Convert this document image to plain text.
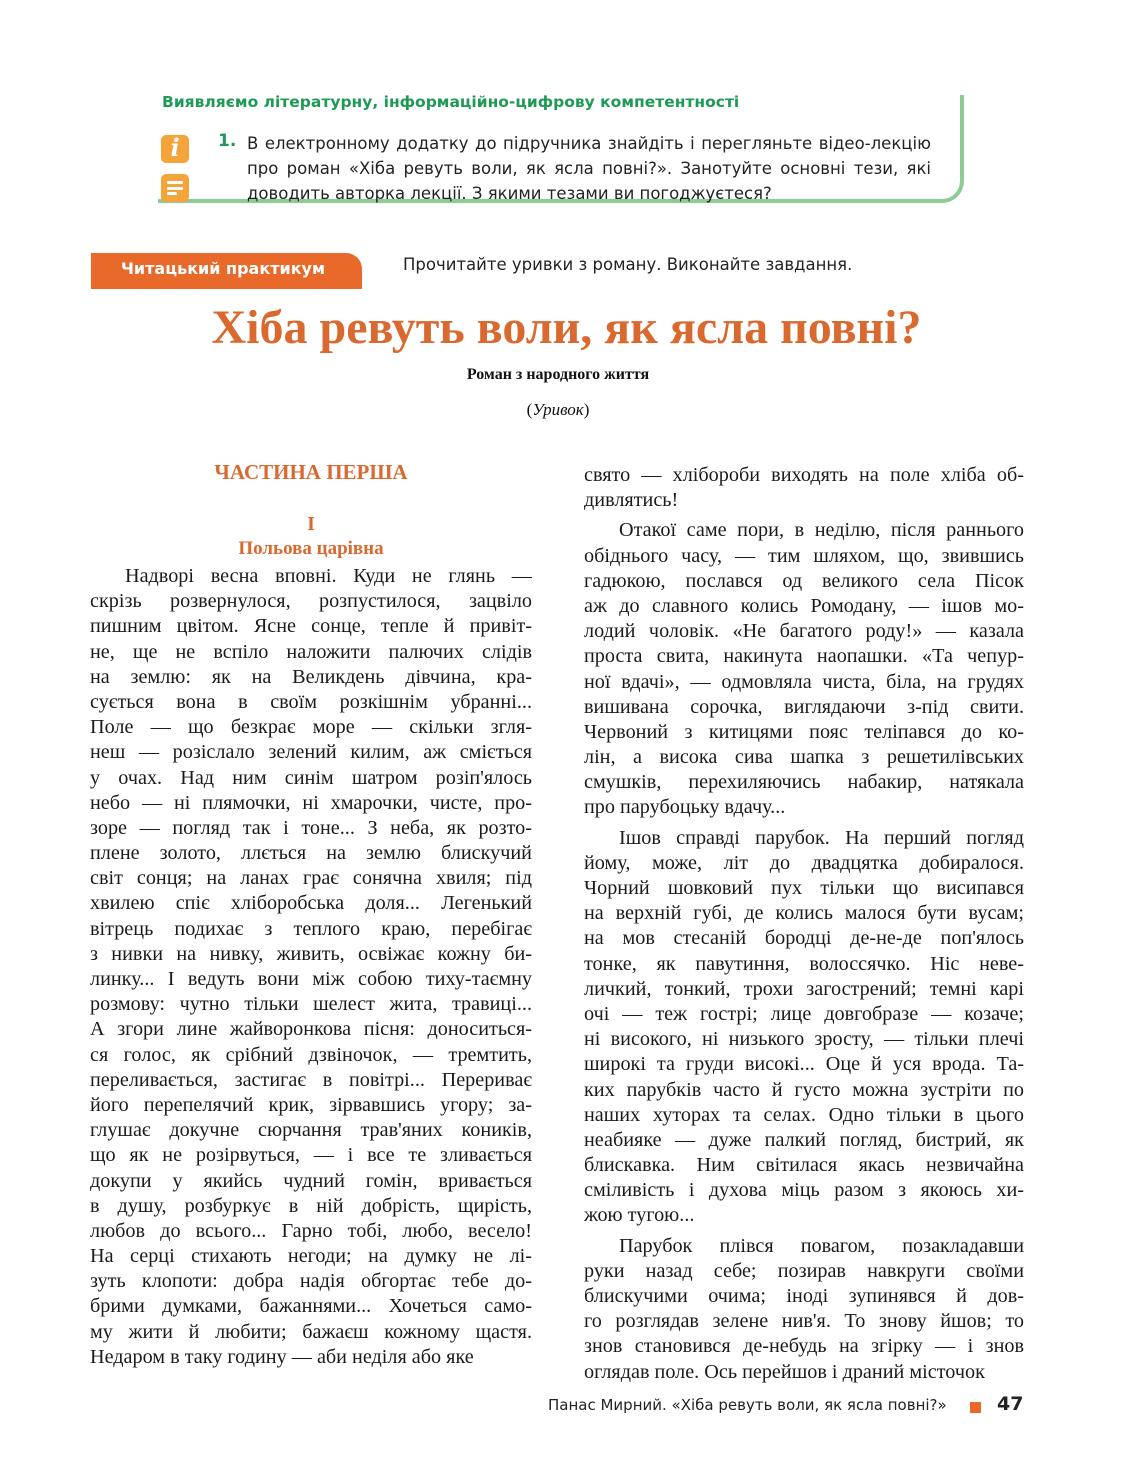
Виявляємо літературну, інформаційно-цифрову компетентності
i	1. В електронному додатку до підручника знайдіть і перегляньте відео-лекцію
про роман «Хіба ревуть воли, як ясла повні?». Занотуйте основні тези, які
доводить авторка лекції. З якими тезами ви погоджуєтеся?
Читацький практикум	Прочитайте уривки з роману. Виконайте завдання.
Хіба ревуть воли, як ясла повні?
Роман з народного життя
(Уривок)
ЧАСТИНА ПЕРША
I
Польова царівна
Надворі весна вповні. Куди не глянь —
скрізь розвернулося, розпустилося, зацвіло
пишним цвітом. Ясне сонце, тепле й привіт-
не, ще не вспіло наложити палючих слідів
на землю: як на Великдень дівчина, кра-
сується вона в своїм розкішнім убранні...
Поле — що безкрає море — скільки згля-
неш — розіслало зелений килим, аж сміється
у очах. Над ним синім шатром розіп'ялось
небо — ні плямочки, ні хмарочки, чисте, про-
зоре — погляд так і тоне... З неба, як розто-
плене золото, ллється на землю блискучий
світ сонця; на ланах грає сонячна хвиля; під
хвилею спіє хліборобська доля... Легенький
вітрець подихає з теплого краю, перебігає
з нивки на нивку, живить, освіжає кожну би-
линку... І ведуть вони між собою тиху-таємну
розмову: чутно тільки шелест жита, травиці...
А згори лине жайворонкова пісня: доноситься-
ся голос, як срібний дзвіночок, — тремтить,
переливається, застигає в повітрі... Перериває
його перепелячий крик, зірвавшись угору; за-
глушає докучне сюрчання трав'яних коників,
що як не розірвуться, — і все те зливається
докупи у якийсь чудний гомін, вривається
в душу, розбуркує в ній добрість, щирість,
любов до всього... Гарно тобі, любо, весело!
На серці стихають негоди; на думку не лі-
зуть клопоти: добра надія обгортає тебе до-
брими думками, бажаннями... Хочеться само-
му жити й любити; бажаєш кожному щастя.
Недаром в таку годину — аби неділя або яке
свято — хлібороби виходять на поле хліба об-
дивлятись!
Отакої саме пори, в неділю, після раннього
обіднього часу, — тим шляхом, що, звившись
гадюкою, послався од великого села Пісок
аж до славного колись Ромодану, — ішов мо-
лодий чоловік. «Не багатого роду!» — казала
проста свита, накинута наопашки. «Та чепур-
ної вдачі», — одмовляла чиста, біла, на грудях
вишивана сорочка, виглядаючи з-під свити.
Червоний з китицями пояс теліпався до ко-
лін, а висока сива шапка з решетилівських
смушків, перехиляючись набакир, натякала
про парубоцьку вдачу...
Ішов справді парубок. На перший погляд
йому, може, літ до двадцятка добиралося.
Чорний шовковий пух тільки що висипався
на верхній губі, де колись малося бути вусам;
на мов стесаній бородці де-не-де поп'ялось
тонке, як павутиння, волоссячко. Ніс неве-
личкий, тонкий, трохи загострений; темні карі
очі — теж гострі; лице довгобразе — козаче;
ні високого, ні низького зросту, — тільки плечі
широкі та груди високі... Оце й уся врода. Та-
ких парубків часто й густо можна зустріти по
наших хуторах та селах. Одно тільки в цього
неабияке — дуже палкий погляд, бистрий, як
блискавка. Ним світилася якась незвичайна
сміливість і духова міць разом з якоюсь хи-
жою тугою...
Парубок плівся повагом, позакладавши
руки назад себе; позирав навкруги своїми
блискучими очима; іноді зупинявся й дов-
го розглядав зелене нив'я. То знову йшов; то
знов становився де-небудь на згірку — і знов
оглядав поле. Ось перейшов і драний місточок
Панас Мирний. «Хіба ревуть воли, як ясла повні?»	47
